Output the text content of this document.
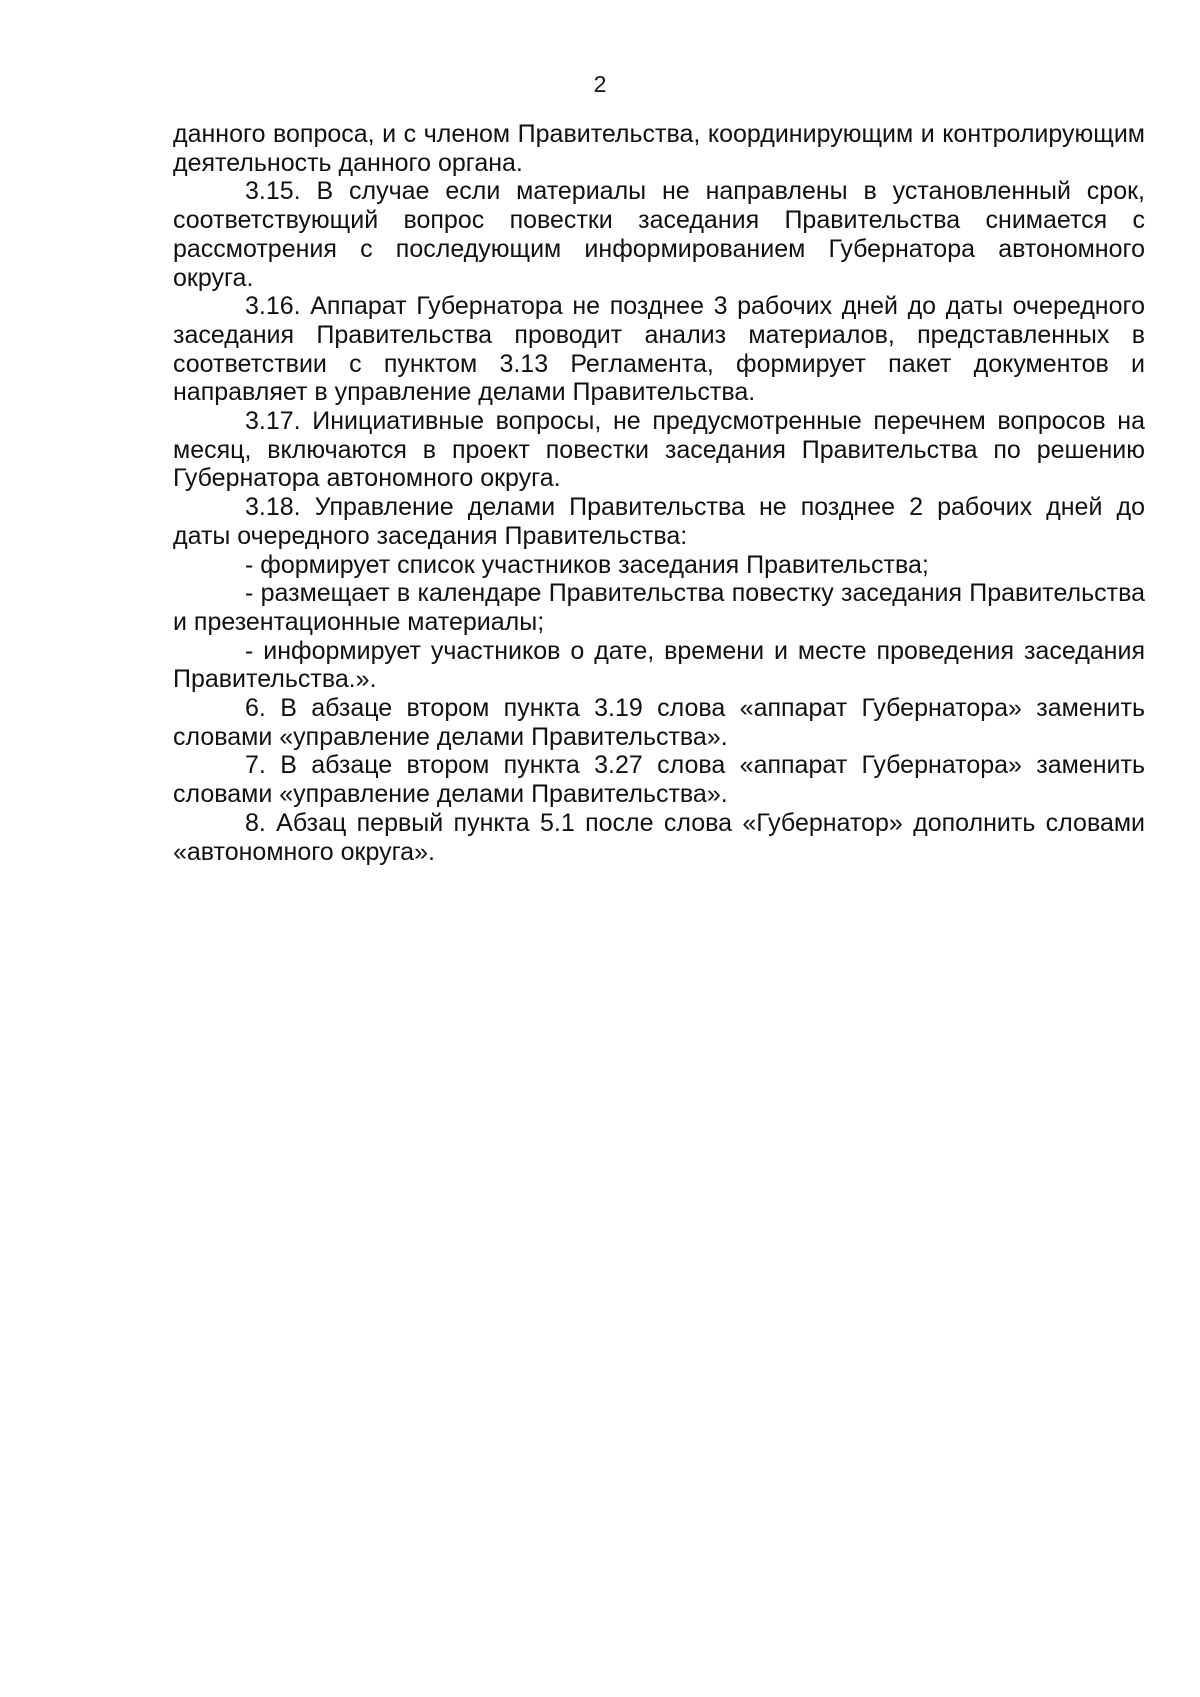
2

данного вопроса, и с членом Правительства, координирующим и контролирующим деятельность данного органа.

3.15. В случае если материалы не направлены в установленный срок, соответствующий вопрос повестки заседания Правительства снимается с рассмотрения с последующим информированием Губернатора автономного округа.

3.16. Аппарат Губернатора не позднее 3 рабочих дней до даты очередного заседания Правительства проводит анализ материалов, представленных в соответствии с пунктом 3.13 Регламента, формирует пакет документов и направляет в управление делами Правительства.

3.17. Инициативные вопросы, не предусмотренные перечнем вопросов на месяц, включаются в проект повестки заседания Правительства по решению Губернатора автономного округа.

3.18. Управление делами Правительства не позднее 2 рабочих дней до даты очередного заседания Правительства:

- формирует список участников заседания Правительства;

- размещает в календаре Правительства повестку заседания Правительства и презентационные материалы;

- информирует участников о дате, времени и месте проведения заседания Правительства.».

6. В абзаце втором пункта 3.19 слова «аппарат Губернатора» заменить словами «управление делами Правительства».

7. В абзаце втором пункта 3.27 слова «аппарат Губернатора» заменить словами «управление делами Правительства».

8. Абзац первый пункта 5.1 после слова «Губернатор» дополнить словами «автономного округа».
